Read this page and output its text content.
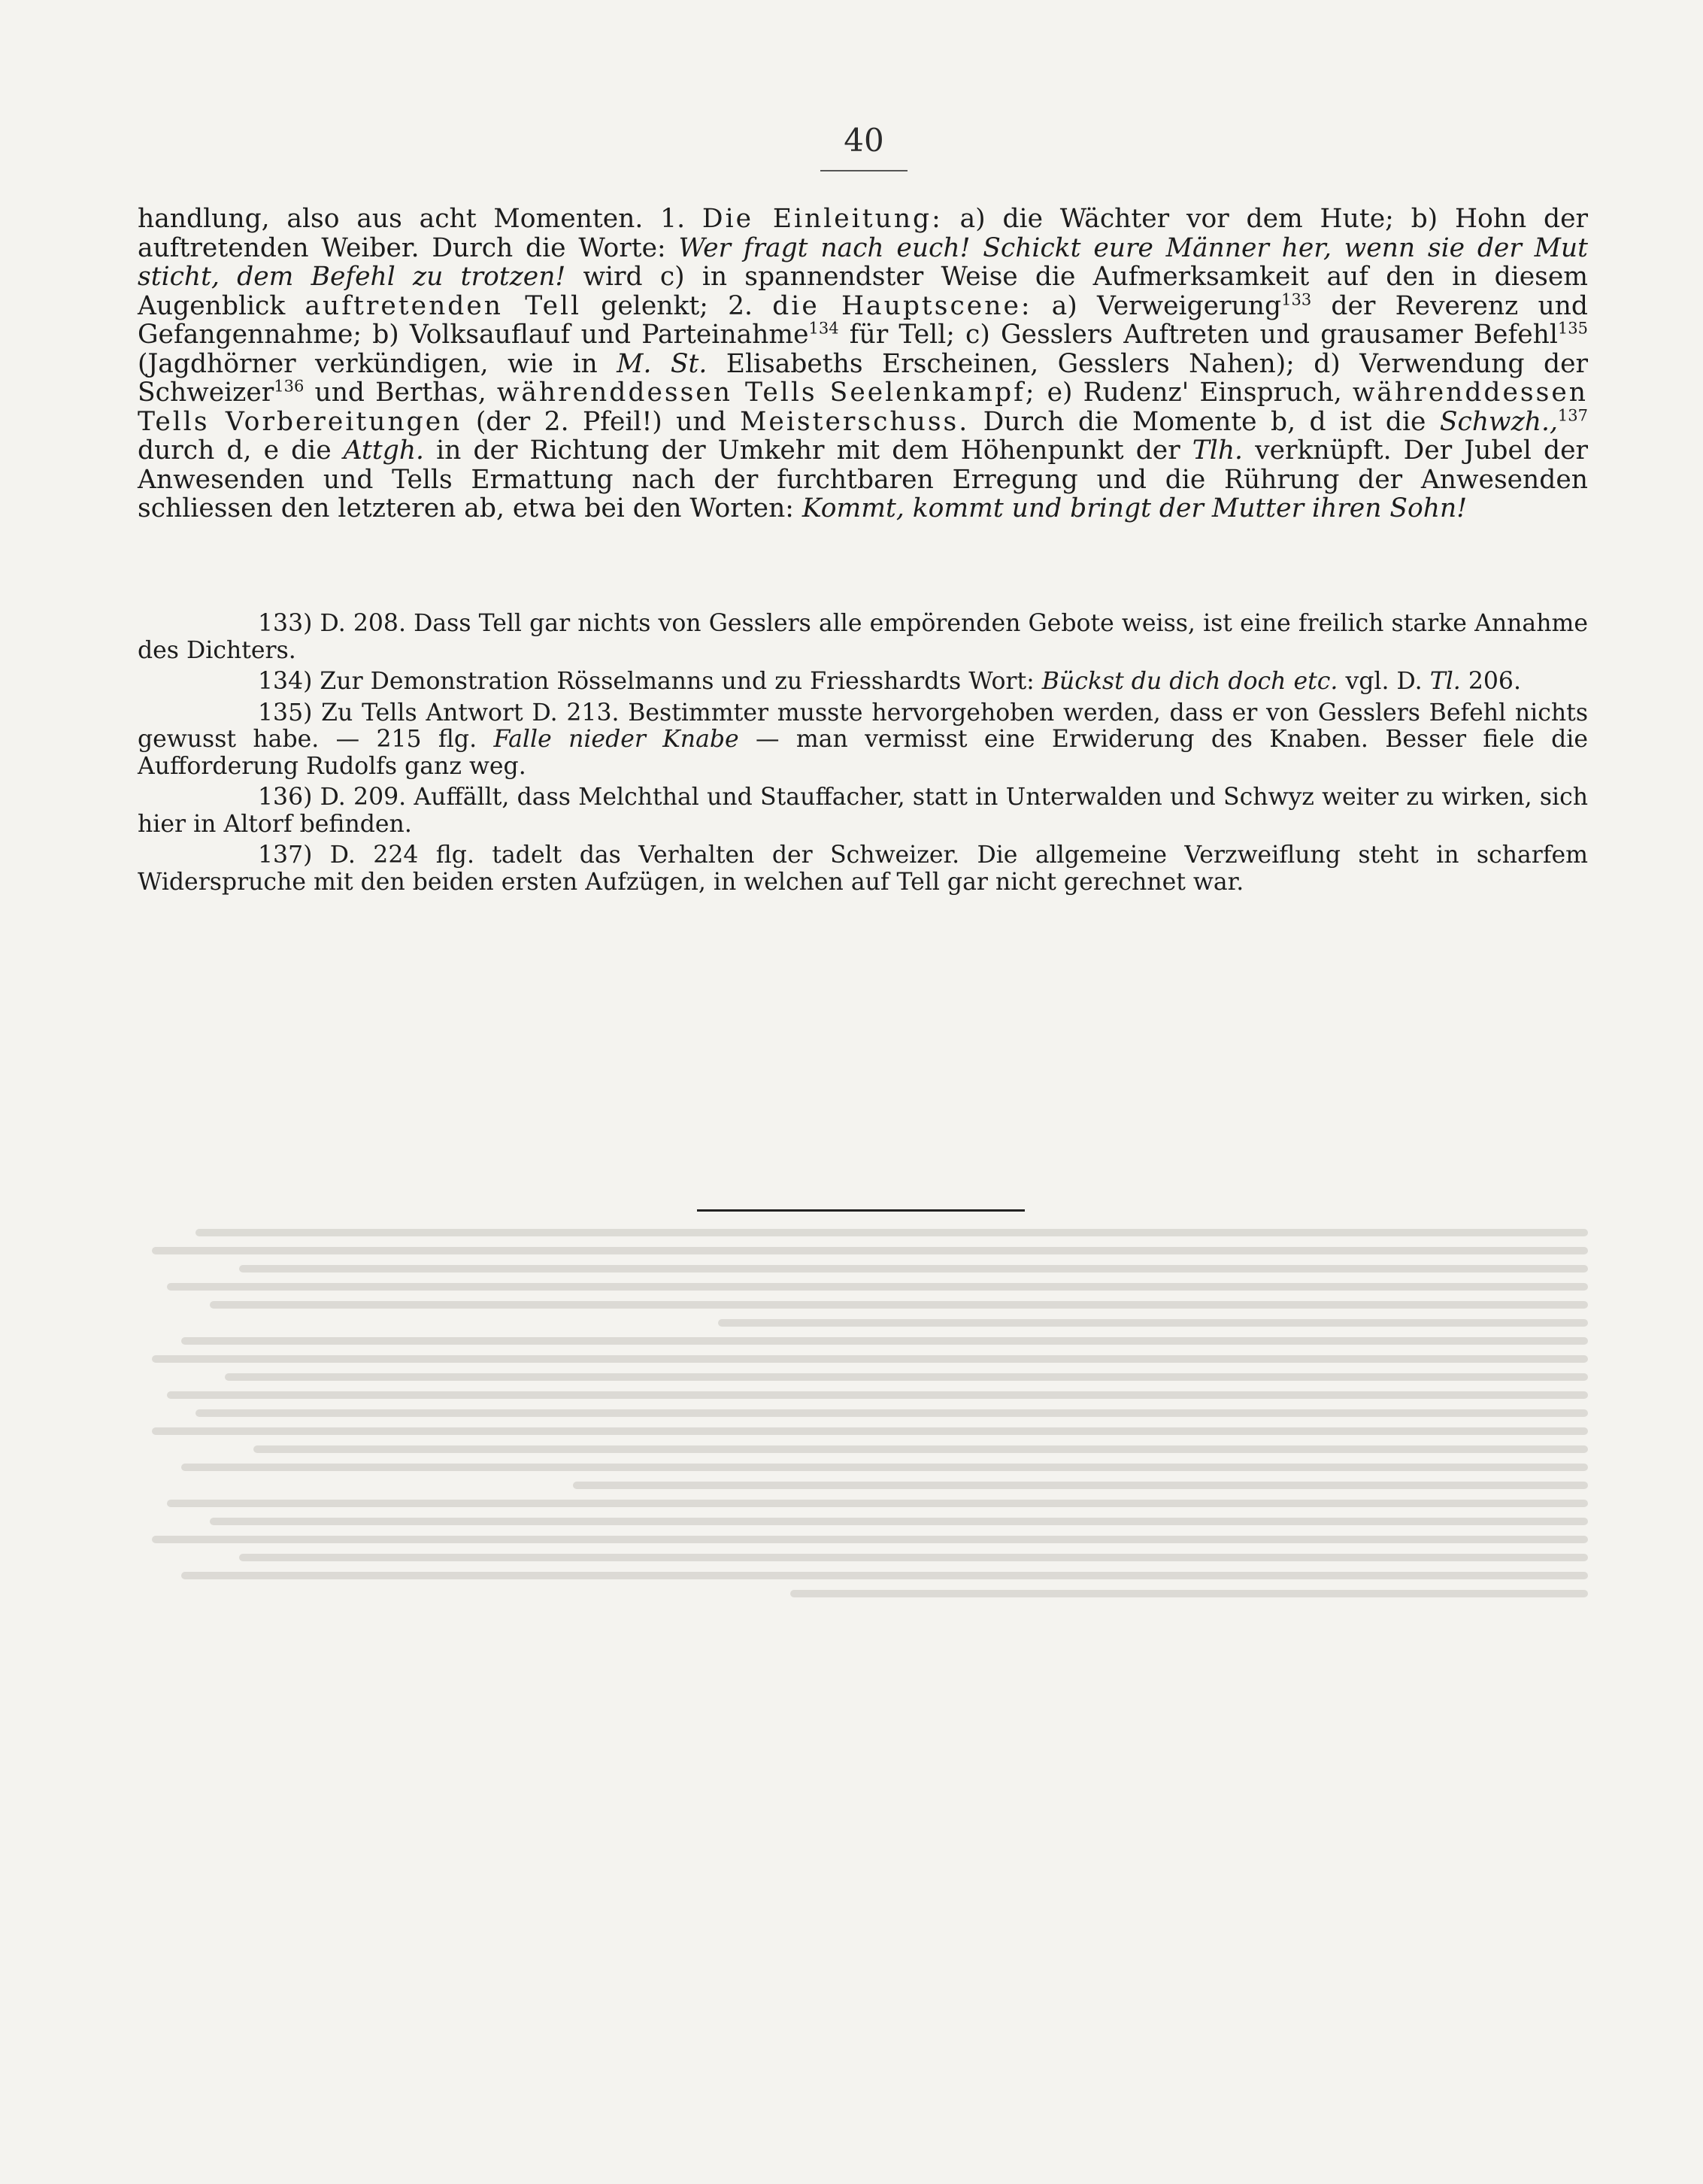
40

handlung, also aus acht Momenten. 1. Die Einleitung: a) die Wächter vor dem Hute; b) Hohn der auftretenden Weiber. Durch die Worte: Wer fragt nach euch! Schickt eure Männer her, wenn sie der Mut sticht, dem Befehl zu trotzen! wird c) in spannendster Weise die Aufmerksamkeit auf den in diesem Augenblick auftretenden Tell gelenkt; 2. die Hauptscene: a) Verweigerung$^{133}$ der Reverenz und Gefangennahme; b) Volksauflauf und Parteinahme$^{134}$ für Tell; c) Gesslers Auftreten und grausamer Befehl$^{135}$ (Jagdhörner verkündigen, wie in M. St. Elisabeths Erscheinen, Gesslers Nahen); d) Verwendung der Schweizer$^{136}$ und Berthas, währenddessen Tells Seelenkampf; e) Rudenz' Einspruch, währenddessen Tells Vorbereitungen (der 2. Pfeil!) und Meisterschuss. Durch die Momente b, d ist die Schwzh.,$^{137}$ durch d, e die Attgh. in der Richtung der Umkehr mit dem Höhenpunkt der Tlh. verknüpft. Der Jubel der Anwesenden und Tells Ermattung nach der furchtbaren Erregung und die Rührung der Anwesenden schliessen den letzteren ab, etwa bei den Worten: Kommt, kommt und bringt der Mutter ihren Sohn!

133) D. 208. Dass Tell gar nichts von Gesslers alle empörenden Gebote weiss, ist eine freilich starke Annahme des Dichters.

134) Zur Demonstration Rösselmanns und zu Friesshardts Wort: Bückst du dich doch etc. vgl. D. Tl. 206.

135) Zu Tells Antwort D. 213. Bestimmter musste hervorgehoben werden, dass er von Gesslers Befehl nichts gewusst habe. — 215 flg. Falle nieder Knabe — man vermisst eine Erwiderung des Knaben. Besser fiele die Aufforderung Rudolfs ganz weg.

136) D. 209. Auffällt, dass Melchthal und Stauffacher, statt in Unterwalden und Schwyz weiter zu wirken, sich hier in Altorf befinden.

137) D. 224 flg. tadelt das Verhalten der Schweizer. Die allgemeine Verzweiflung steht in scharfem Widerspruche mit den beiden ersten Aufzügen, in welchen auf Tell gar nicht gerechnet war.
